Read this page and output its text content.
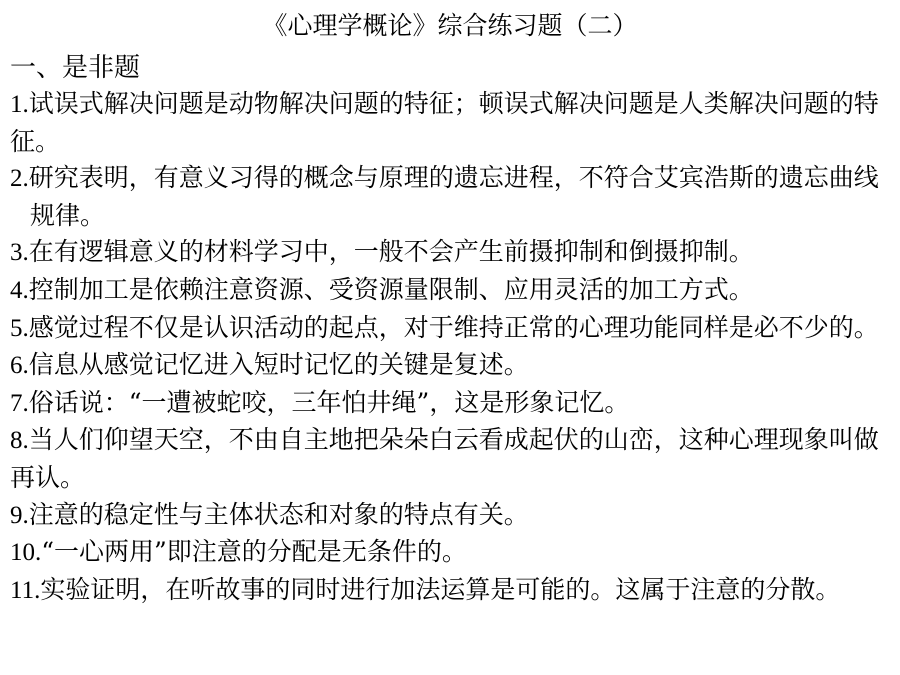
《心理学概论》综合练习题（二）
一、是非题
1.试误式解决问题是动物解决问题的特征；顿误式解决问题是人类解决问题的特征。
2.研究表明，有意义习得的概念与原理的遗忘进程，不符合艾宾浩斯的遗忘曲线规律。
3.在有逻辑意义的材料学习中，一般不会产生前摄抑制和倒摄抑制。
4.控制加工是依赖注意资源、受资源量限制、应用灵活的加工方式。
5.感觉过程不仅是认识活动的起点，对于维持正常的心理功能同样是必不少的。
6.信息从感觉记忆进入短时记忆的关键是复述。
7.俗话说：“一遭被蛇咬，三年怕井绳”，这是形象记忆。
8.当人们仰望天空，不由自主地把朵朵白云看成起伏的山峦，这种心理现象叫做再认。
9.注意的稳定性与主体状态和对象的特点有关。
10.“一心两用”即注意的分配是无条件的。
11.实验证明，在听故事的同时进行加法运算是可能的。这属于注意的分散。
